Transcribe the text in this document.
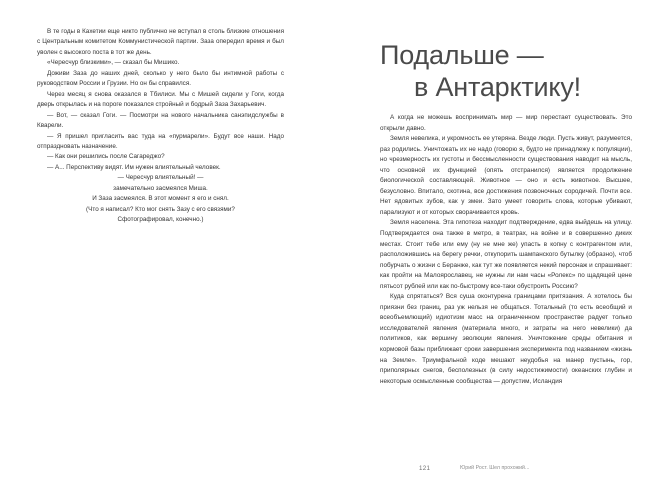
В те годы в Кахетии еще никто публично не вступал в столь близкие отношения с Центральным комитетом Коммунистической партии. Заза опередил время и был уволен с высокого поста в тот же день.

«Чересчур близкими», — сказал бы Мишико.

Доживи Заза до наших дней, сколько у него было бы интимной работы с руководством России и Грузии. Но он бы справился.

Через месяц я снова оказался в Тбилиси. Мы с Мишей сидели у Гоги, когда дверь открылась и на пороге показался стройный и бодрый Заза Захарьевич.

— Вот, — сказал Гоги. — Посмотри на нового начальника санэпидслужбы в Кварели.

— Я пришел пригласить вас туда на «пурмарели». Будут все наши. Надо отпраздновать назначение.

— Как они решились после Сагареджо?

— А... Перспективу видят. Им нужен влиятельный человек.

— Чересчур влиятельный! —

замечательно засмеялся Миша.

И Заза засмеялся. В этот момент я его и снял.

(Что я написал? Кто мог снять Зазу с его связями?

Сфотографировал, конечно.)

Подальше —
в Антарктику!

А когда не можешь воспринимать мир — мир перестает существовать. Это открыли давно.

Земля невелика, и укромность ее утеряна. Везде люди. Пусть живут, разумеется, раз родились. Уничтожать их не надо (говорю я, будто не принадлежу к популяции), но чрезмерность их густоты и бессмысленности существования наводит на мысль, что основной их функцией (опять отстранился) является продолжение биологической составляющей. Животное — оно и есть животное. Высшее, безусловно. Впитало, скотина, все достижения позвоночных сородичей. Почти все. Нет ядовитых зубов, как у змеи. Зато умеет говорить слова, которые убивают, парализуют и от которых сворачивается кровь.

Земля населена. Эта гипотеза находит подтверждение, едва выйдешь на улицу. Подтверждается она также в метро, в театрах, на войне и в совершенно диких местах. Стоит тебе или ему (ну не мне же) упасть в копну с контрагентом или, расположившись на берегу речки, откупорить шампанского бутылку (образно), чтоб побурчать о жизни с Беранже, как тут же появляется некий персонаж и спрашивает: как пройти на Малоярославец, не нужны ли нам часы «Ролекс» по щадящей цене пятьсот рублей или как по-быстрому все-таки обустроить Россию?

Куда спрятаться? Вся суша оконтурена границами притязания. А хотелось бы приязни без границ, раз уж нельзя не общаться. Тотальный (то есть всеобщий и всеобъемлющий) идиотизм масс на ограниченном пространстве радует только исследователей явления (материала много, и затраты на него невелики) да политиков, как вершину эволюции явления. Уничтожение среды обитания и кормовой базы приближает сроки завершения эксперимента под названием «жизнь на Земле». Триумфальной коде мешают неудобья на манер пустынь, гор, приполярных снегов, бесполезных (в силу недостижимости) океанских глубин и некоторые осмысленные сообщества — допустим, Исландия

121	Юрий Рост. Шел прохожий...
